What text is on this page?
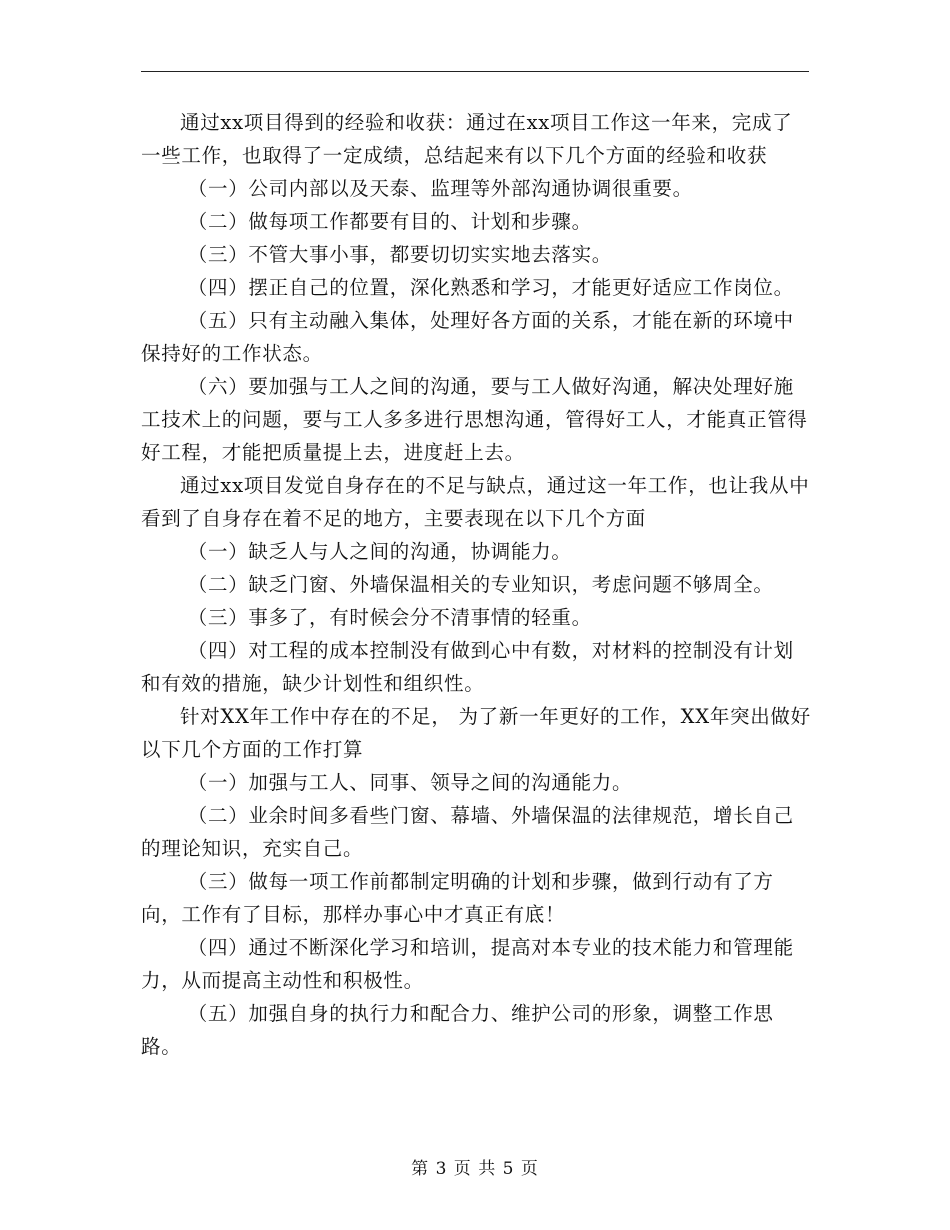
通过xx项目得到的经验和收获：通过在xx项目工作这一年来，完成了一些工作，也取得了一定成绩，总结起来有以下几个方面的经验和收获

（一）公司内部以及天泰、监理等外部沟通协调很重要。

（二）做每项工作都要有目的、计划和步骤。

（三）不管大事小事，都要切切实实地去落实。

（四）摆正自己的位置，深化熟悉和学习，才能更好适应工作岗位。

（五）只有主动融入集体，处理好各方面的关系，才能在新的环境中保持好的工作状态。

（六）要加强与工人之间的沟通，要与工人做好沟通，解决处理好施工技术上的问题，要与工人多多进行思想沟通，管得好工人，才能真正管得好工程，才能把质量提上去，进度赶上去。

通过xx项目发觉自身存在的不足与缺点，通过这一年工作，也让我从中看到了自身存在着不足的地方，主要表现在以下几个方面

（一）缺乏人与人之间的沟通，协调能力。

（二）缺乏门窗、外墙保温相关的专业知识，考虑问题不够周全。

（三）事多了，有时候会分不清事情的轻重。

（四）对工程的成本控制没有做到心中有数，对材料的控制没有计划和有效的措施，缺少计划性和组织性。

针对XX年工作中存在的不足， 为了新一年更好的工作，XX年突出做好以下几个方面的工作打算

（一）加强与工人、同事、领导之间的沟通能力。

（二）业余时间多看些门窗、幕墙、外墙保温的法律规范，增长自己的理论知识，充实自己。

（三）做每一项工作前都制定明确的计划和步骤，做到行动有了方向，工作有了目标，那样办事心中才真正有底！

（四）通过不断深化学习和培训，提高对本专业的技术能力和管理能力，从而提高主动性和积极性。

（五）加强自身的执行力和配合力、维护公司的形象，调整工作思路。

第 3 页 共 5 页
